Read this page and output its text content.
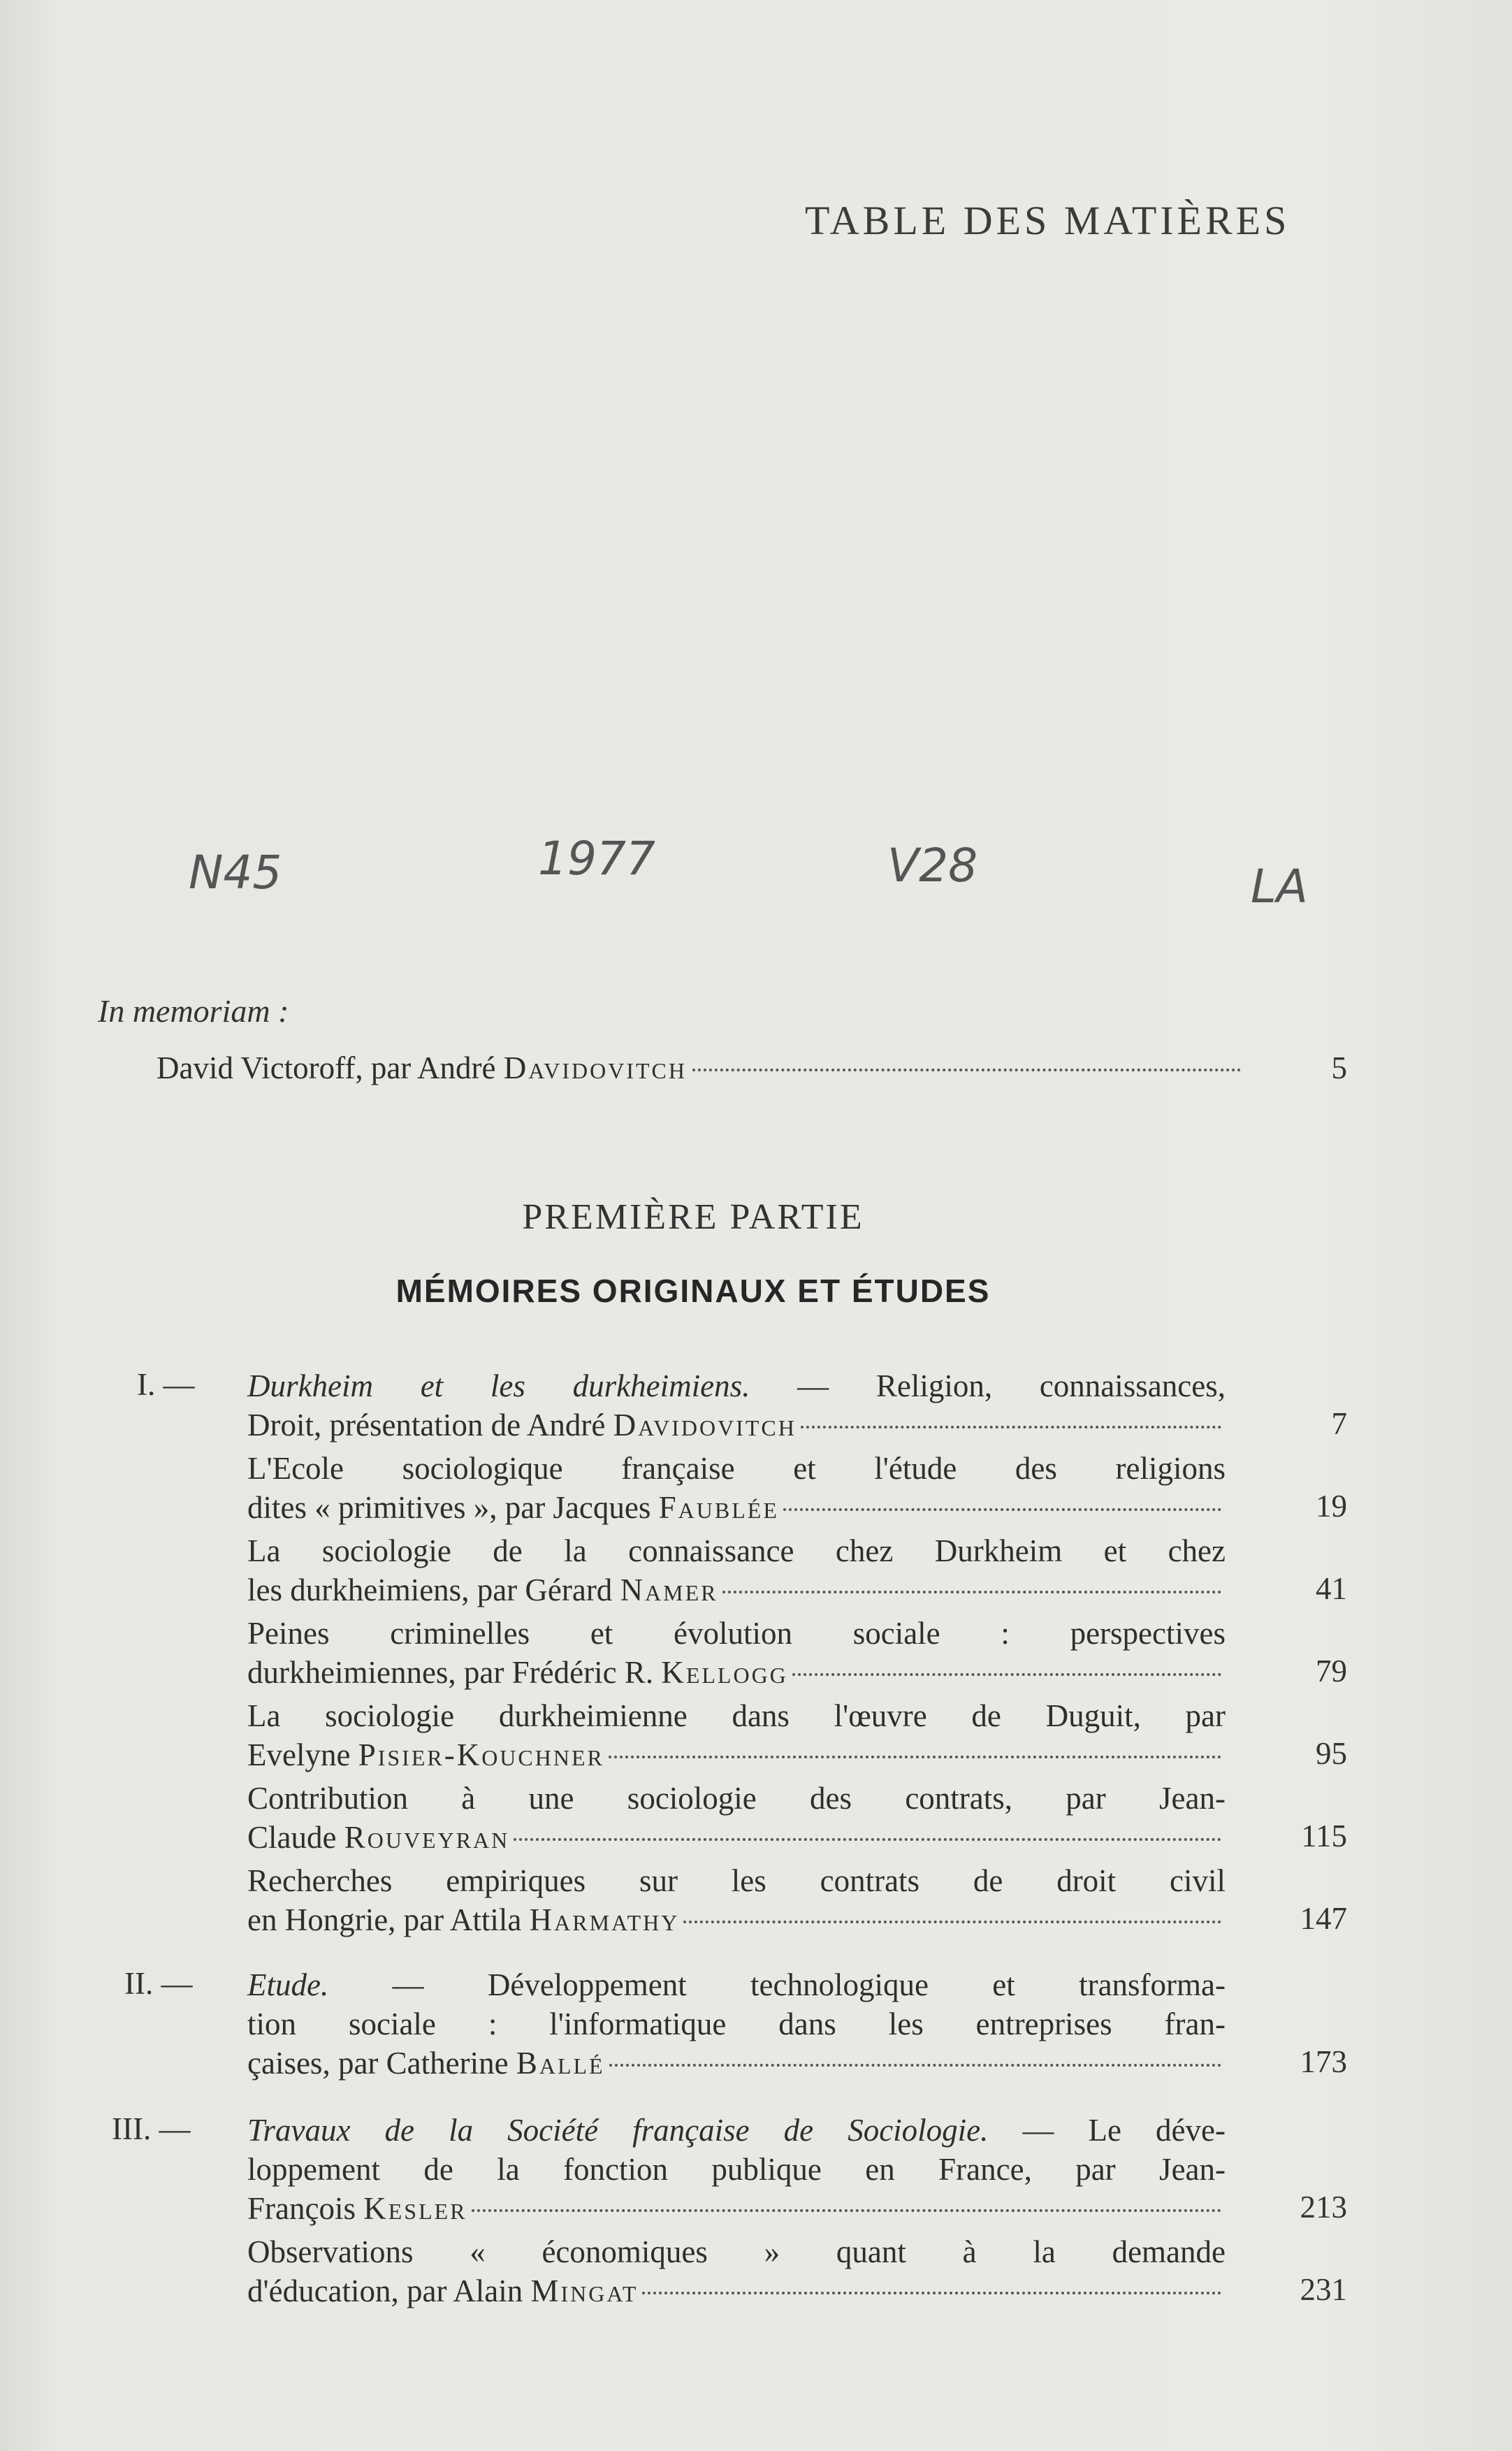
TABLE DES MATIÈRES
N45	1977	V28	LA
In memoriam :
David Victoroff, par André Davidovitch	5
PREMIÈRE PARTIE
MÉMOIRES ORIGINAUX ET ÉTUDES
I. — Durkheim et les durkheimiens. — Religion, connaissances,
Droit, présentation de André Davidovitch	7
L'Ecole sociologique française et l'étude des religions
dites « primitives », par Jacques Faublée	19
La sociologie de la connaissance chez Durkheim et chez
les durkheimiens, par Gérard Namer	41
Peines criminelles et évolution sociale : perspectives
durkheimiennes, par Frédéric R. Kellogg	79
La sociologie durkheimienne dans l'œuvre de Duguit, par
Evelyne Pisier-Kouchner	95
Contribution à une sociologie des contrats, par Jean-
Claude Rouveyran	115
Recherches empiriques sur les contrats de droit civil
en Hongrie, par Attila Harmathy	147
II. — Etude. — Développement technologique et transforma-
tion sociale : l'informatique dans les entreprises fran-
çaises, par Catherine Ballé	173
III. — Travaux de la Société française de Sociologie. — Le déve-
loppement de la fonction publique en France, par Jean-
François Kesler	213
Observations « économiques » quant à la demande
d'éducation, par Alain Mingat	231
